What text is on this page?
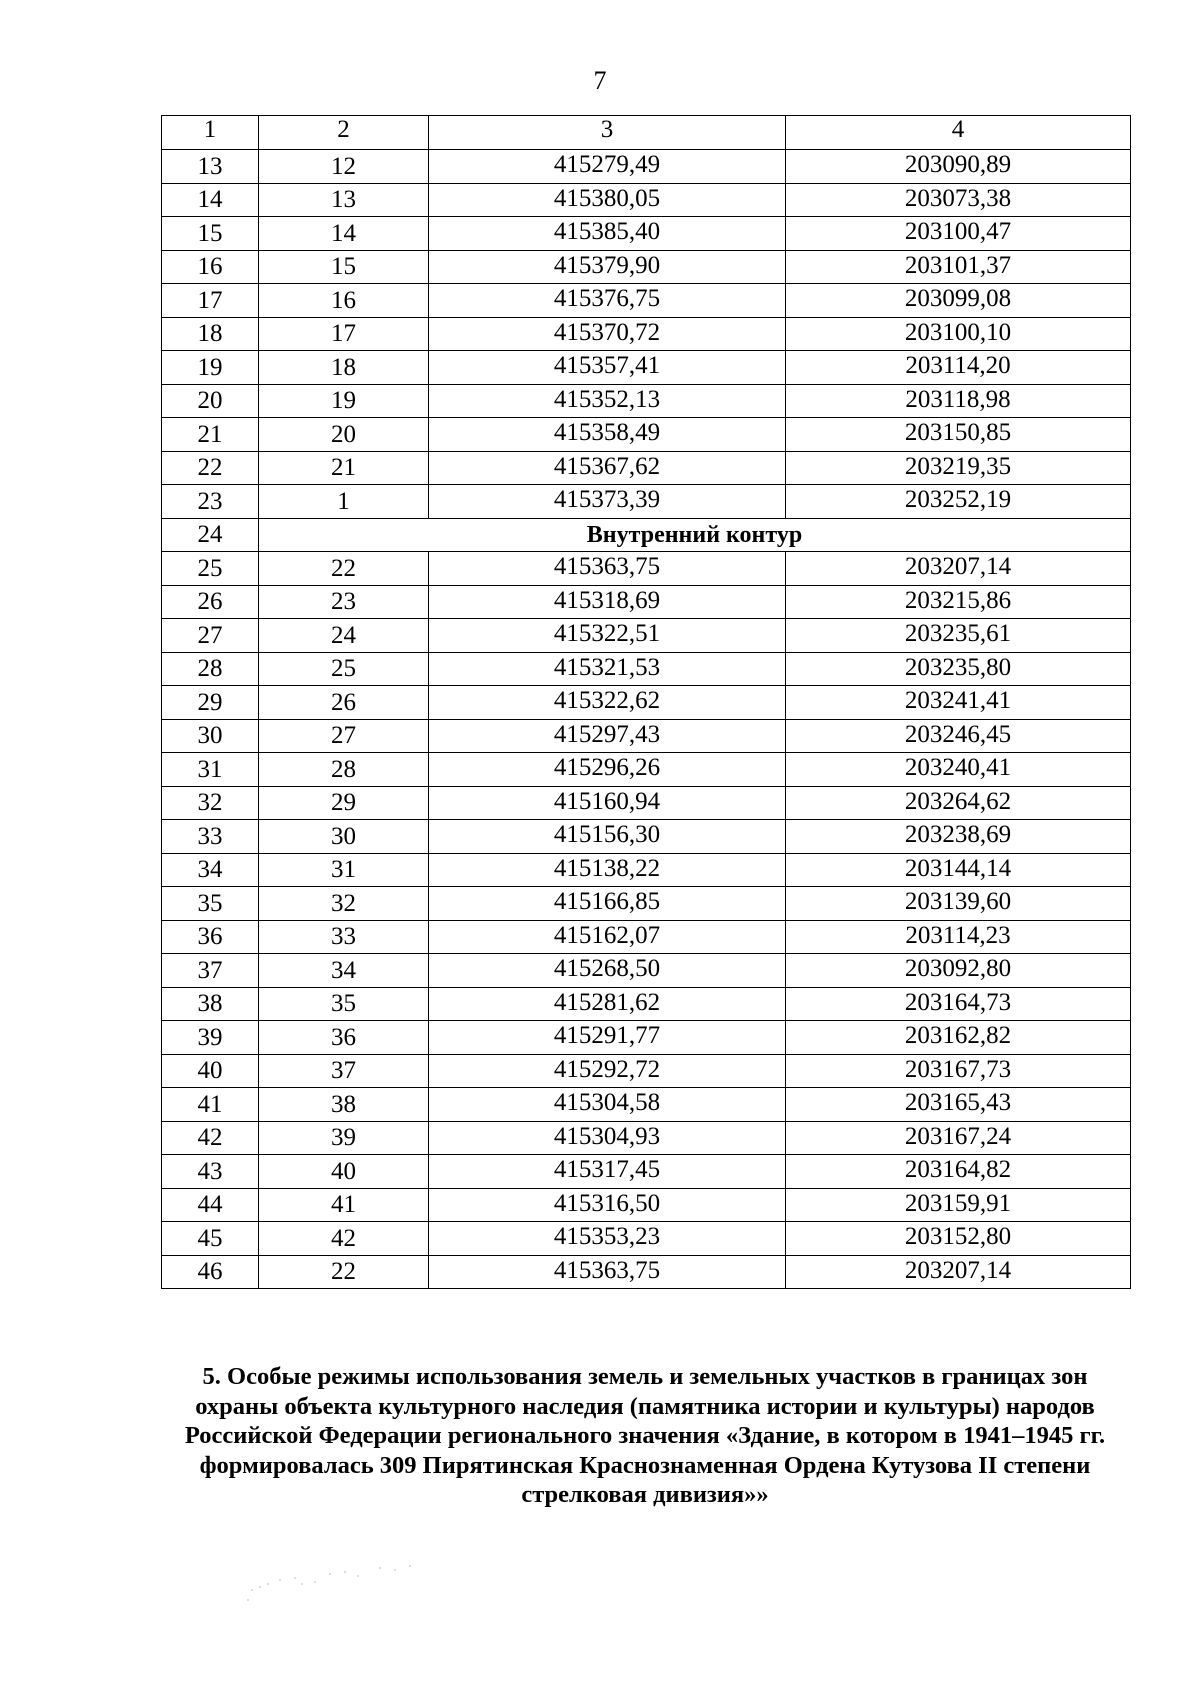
7
1	2	3	4
13	12	415279,49	203090,89
14	13	415380,05	203073,38
15	14	415385,40	203100,47
16	15	415379,90	203101,37
17	16	415376,75	203099,08
18	17	415370,72	203100,10
19	18	415357,41	203114,20
20	19	415352,13	203118,98
21	20	415358,49	203150,85
22	21	415367,62	203219,35
23	1	415373,39	203252,19
24	Внутренний контур		
25	22	415363,75	203207,14
26	23	415318,69	203215,86
27	24	415322,51	203235,61
28	25	415321,53	203235,80
29	26	415322,62	203241,41
30	27	415297,43	203246,45
31	28	415296,26	203240,41
32	29	415160,94	203264,62
33	30	415156,30	203238,69
34	31	415138,22	203144,14
35	32	415166,85	203139,60
36	33	415162,07	203114,23
37	34	415268,50	203092,80
38	35	415281,62	203164,73
39	36	415291,77	203162,82
40	37	415292,72	203167,73
41	38	415304,58	203165,43
42	39	415304,93	203167,24
43	40	415317,45	203164,82
44	41	415316,50	203159,91
45	42	415353,23	203152,80
46	22	415363,75	203207,14
5. Особые режимы использования земель и земельных участков в границах зон
охраны объекта культурного наследия (памятника истории и культуры) народов
Российской Федерации регионального значения «Здание, в котором в 1941–1945 гг.
формировалась 309 Пирятинская Краснознаменная Ордена Кутузова II степени
стрелковая дивизия»»
